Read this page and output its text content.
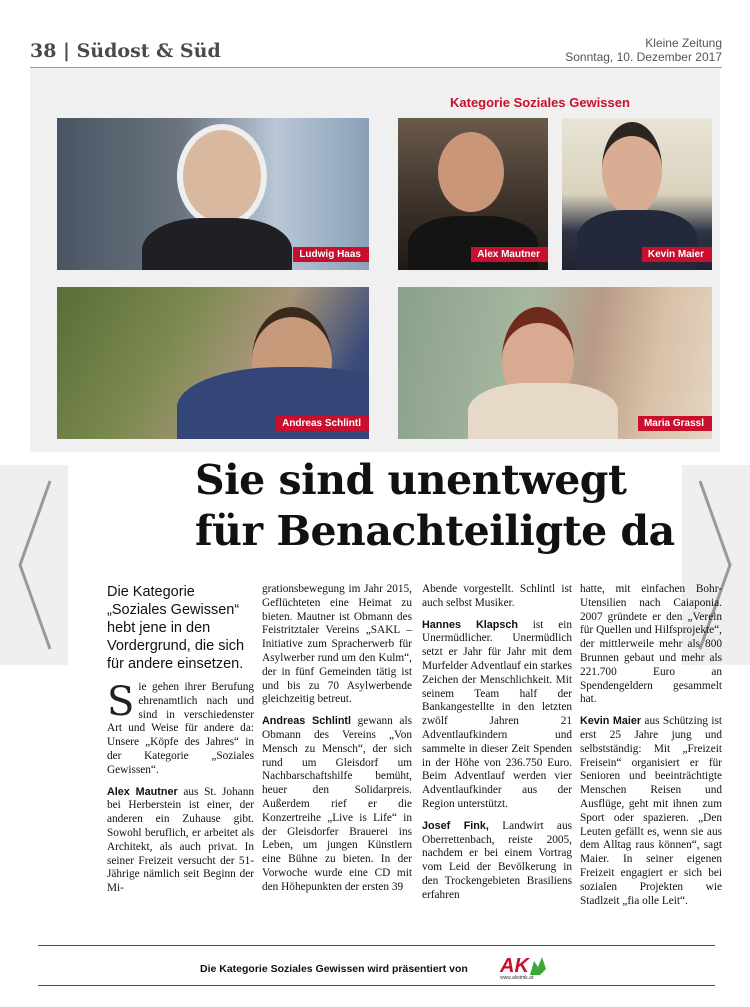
38 | Südost & Süd	Kleine Zeitung
Sonntag, 10. Dezember 2017
Kategorie Soziales Gewissen
Ludwig Haas	Alex Mautner	Kevin Maier
Andreas Schlintl	Maria Grassl
Sie sind unentwegt
für Benachteiligte da

Die Kategorie „Soziales Gewissen“ hebt jene in den Vordergrund, die sich für andere einsetzen.

Sie gehen ihrer Berufung ehrenamtlich nach und sind in verschiedenster Art und Weise für andere da: Unsere „Köpfe des Jahres“ in der Kategorie „Soziales Gewissen“.

Alex Mautner aus St. Johann bei Herberstein ist einer, der anderen ein Zuhause gibt. Sowohl beruflich, er arbeitet als Architekt, als auch privat. In seiner Freizeit versucht der 51-Jährige nämlich seit Beginn der Mi-

grationsbewegung im Jahr 2015, Geflüchteten eine Heimat zu bieten. Mautner ist Obmann des Feistritztaler Vereins „SAKL – Initiative zum Spracherwerb für Asylwerber rund um den Kulm“, der in fünf Gemeinden tätig ist und bis zu 70 Asylwerbende gleichzeitig betreut.

Andreas Schlintl gewann als Obmann des Vereins „Von Mensch zu Mensch“, der sich rund um Gleisdorf um Nachbarschaftshilfe bemüht, heuer den Solidarpreis. Außerdem rief er die Konzertreihe „Live is Life“ in der Gleisdorfer Brauerei ins Leben, um jungen Künstlern eine Bühne zu bieten. In der Vorwoche wurde eine CD mit den Höhepunkten der ersten 39

Abende vorgestellt. Schlintl ist auch selbst Musiker.

Hannes Klapsch ist ein Unermüdlicher. Unermüdlich setzt er Jahr für Jahr mit dem Murfelder Adventlauf ein starkes Zeichen der Menschlichkeit. Mit seinem Team half der Bankangestellte in den letzten zwölf Jahren 21 Adventlaufkindern und sammelte in dieser Zeit Spenden in der Höhe von 236.750 Euro. Beim Adventlauf werden vier Adventlaufkinder aus der Region unterstützt.

Josef Fink, Landwirt aus Oberrettenbach, reiste 2005, nachdem er bei einem Vortrag vom Leid der Bevölkerung in den Trockengebieten Brasiliens erfahren

hatte, mit einfachen Bohr-Utensilien nach Caiaponia. 2007 gründete er den „Verein für Quellen und Hilfsprojekte“, der mittlerweile mehr als 800 Brunnen gebaut und mehr als 221.700 Euro an Spendengeldern gesammelt hat.

Kevin Maier aus Schützing ist erst 25 Jahre jung und selbstständig: Mit „Freizeit Freisein“ organisiert er für Senioren und beeinträchtigte Menschen Reisen und Ausflüge, geht mit ihnen zum Sport oder spazieren. „Den Leuten gefällt es, wenn sie aus dem Alltag raus können“, sagt Maier. In seiner eigenen Freizeit engagiert er sich bei sozialen Projekten wie Stadlzeit „fia olle Leit“.

Die Kategorie Soziales Gewissen wird präsentiert von AK
www.akstmk.at
